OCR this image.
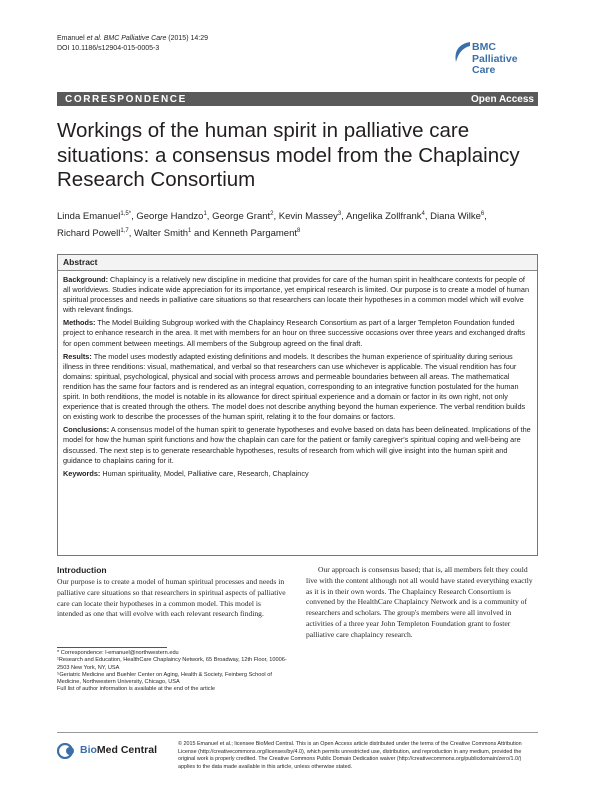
Emanuel et al. BMC Palliative Care (2015) 14:29
DOI 10.1186/s12904-015-0005-3	BMC
Palliative Care
CORRESPONDENCE	Open Access
Workings of the human spirit in palliative care situations: a consensus model from the Chaplaincy Research Consortium
Linda Emanuel$^{1,5*}$, George Handzo$^1$, George Grant$^2$, Kevin Massey$^3$, Angelika Zollfrank$^4$, Diana Wilke$^6$,
Richard Powell$^{1,7}$, Walter Smith$^1$ and Kenneth Pargament$^8$
Abstract

Background: Chaplaincy is a relatively new discipline in medicine that provides for care of the human spirit in healthcare contexts for people of all worldviews. Studies indicate wide appreciation for its importance, yet empirical research is limited. Our purpose is to create a model of human spiritual processes and needs in palliative care situations so that researchers can locate their hypotheses in a common model which will evolve with relevant findings.

Methods: The Model Building Subgroup worked with the Chaplaincy Research Consortium as part of a larger Templeton Foundation funded project to enhance research in the area. It met with members for an hour on three successive occasions over three years and exchanged drafts for open comment between meetings. All members of the Subgroup agreed on the final draft.

Results: The model uses modestly adapted existing definitions and models. It describes the human experience of spirituality during serious illness in three renditions: visual, mathematical, and verbal so that researchers can use whichever is applicable. The visual rendition has four domains: spiritual, psychological, physical and social with process arrows and permeable boundaries between all areas. The mathematical rendition has the same four factors and is rendered as an integral equation, corresponding to an integrative function postulated for the human spirit. In both renditions, the model is notable in its allowance for direct spiritual experience and a domain or factor in its own right, not only experience that is created through the others. The model does not describe anything beyond the human experience. The verbal rendition builds on existing work to describe the processes of the human spirit, relating it to the four domains or factors.

Conclusions: A consensus model of the human spirit to generate hypotheses and evolve based on data has been delineated. Implications of the model for how the human spirit functions and how the chaplain can care for the patient or family caregiver's spiritual coping and well-being are discussed. The next step is to generate researchable hypotheses, results of research from which will give insight into the human spirit and guidance to chaplains caring for it.

Keywords: Human spirituality, Model, Palliative care, Research, Chaplaincy

Introduction

Our purpose is to create a model of human spiritual processes and needs in palliative care situations so that researchers in spiritual aspects of palliative care can locate their hypotheses in a common model. This model is intended as one that will evolve with each relevant research finding.

Our approach is consensus based; that is, all members felt they could live with the content although not all would have stated everything exactly as it is in their own words. The Chaplaincy Research Consortium is convened by the HealthCare Chaplaincy Network and is a community of researchers and scholars. The group's members were all involved in activities of a three year John Templeton Foundation grant to foster palliative care chaplaincy research.

* Correspondence: l-emanuel@northwestern.edu

¹Research and Education, HealthCare Chaplaincy Network, 65 Broadway, 12th Floor, 10006-2503 New York, NY, USA

⁵Geriatric Medicine and Buehler Center on Aging, Health & Society, Feinberg School of Medicine, Northwestern University, Chicago, USA

Full list of author information is available at the end of the article

BioMed Central	© 2015 Emanuel et al.; licensee BioMed Central. This is an Open Access article distributed under the terms of the Creative Commons Attribution License (http://creativecommons.org/licenses/by/4.0), which permits unrestricted use, distribution, and reproduction in any medium, provided the original work is properly credited. The Creative Commons Public Domain Dedication waiver (http://creativecommons.org/publicdomain/zero/1.0/) applies to the data made available in this article, unless otherwise stated.
